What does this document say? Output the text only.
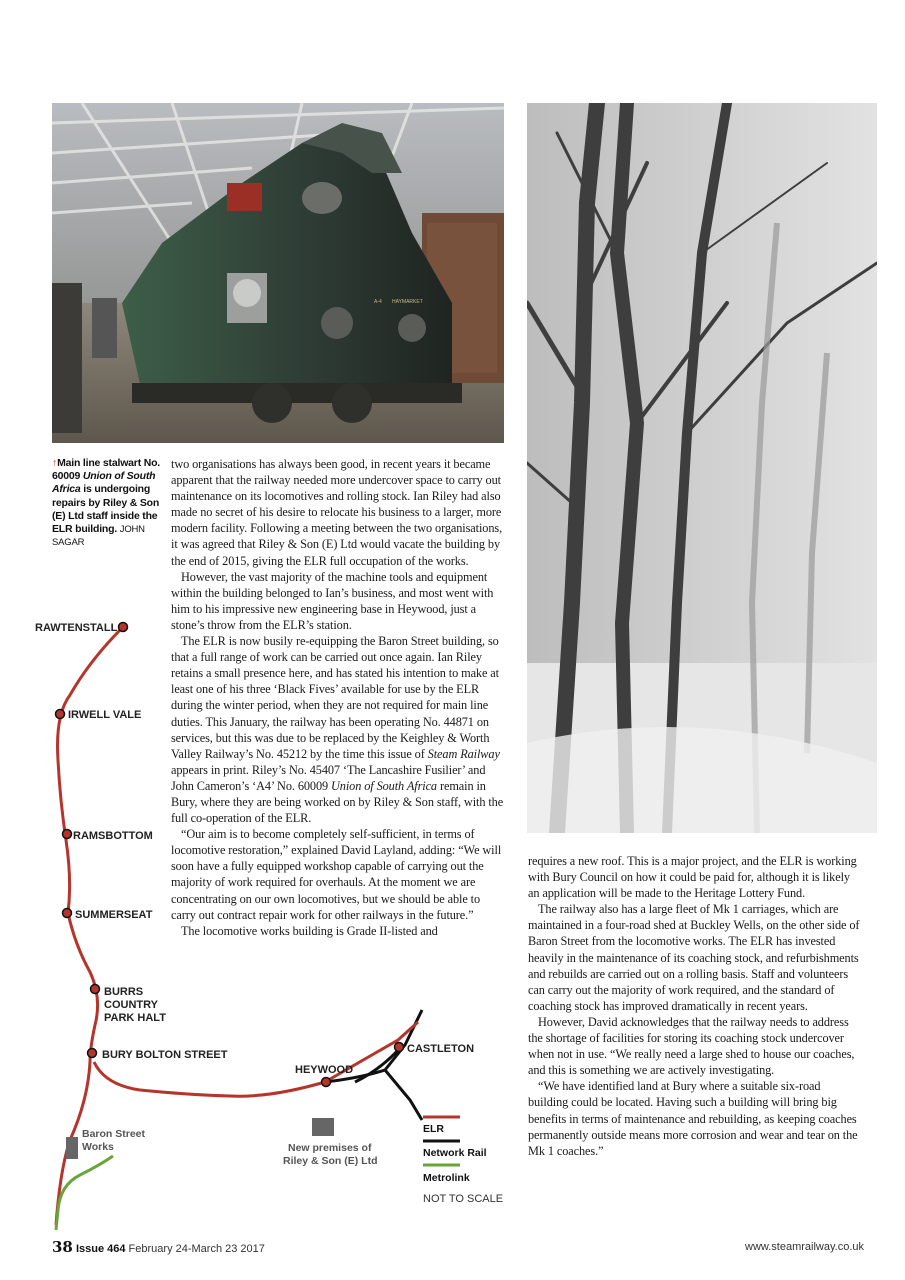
A-4 HAYMARKET
↑Main line stalwart No. 60009 Union of South Africa is undergoing repairs by Riley & Son (E) Ltd staff inside the ELR building. JOHN SAGAR

two organisations has always been good, in recent years it became apparent that the railway needed more undercover space to carry out maintenance on its locomotives and rolling stock. Ian Riley had also made no secret of his desire to relocate his business to a larger, more modern facility. Following a meeting between the two organisations, it was agreed that Riley & Son (E) Ltd would vacate the building by the end of 2015, giving the ELR full occupation of the works.

However, the vast majority of the machine tools and equipment within the building belonged to Ian’s business, and most went with him to his impressive new engineering base in Heywood, just a stone’s throw from the ELR’s station.

The ELR is now busily re-equipping the Baron Street building, so that a full range of work can be carried out once again. Ian Riley retains a small presence here, and has stated his intention to make at least one of his three ‘Black Fives’ available for use by the ELR during the winter period, when they are not required for main line duties. This January, the railway has been operating No. 44871 on services, but this was due to be replaced by the Keighley & Worth Valley Railway’s No. 45212 by the time this issue of Steam Railway appears in print. Riley’s No. 45407 ‘The Lancashire Fusilier’ and John Cameron’s ‘A4’ No. 60009 Union of South Africa remain in Bury, where they are being worked on by Riley & Son staff, with the full co-operation of the ELR.

“Our aim is to become completely self-sufficient, in terms of locomotive restoration,” explained David Layland, adding: “We will soon have a fully equipped workshop capable of carrying out the majority of work required for overhauls. At the moment we are concentrating on our own locomotives, but we should be able to carry out contract repair work for other railways in the future.”

The locomotive works building is Grade II-listed and

requires a new roof. This is a major project, and the ELR is working with Bury Council on how it could be paid for, although it is likely an application will be made to the Heritage Lottery Fund.

The railway also has a large fleet of Mk 1 carriages, which are maintained in a four-road shed at Buckley Wells, on the other side of Baron Street from the locomotive works. The ELR has invested heavily in the maintenance of its coaching stock, and refurbishments and rebuilds are carried out on a rolling basis. Staff and volunteers can carry out the majority of work required, and the standard of coaching stock has improved dramatically in recent years.

However, David acknowledges that the railway needs to address the shortage of facilities for storing its coaching stock undercover when not in use. “We really need a large shed to house our coaches, and this is something we are actively investigating.

“We have identified land at Bury where a suitable six-road building could be located. Having such a building will bring big benefits in terms of maintenance and rebuilding, as keeping coaches permanently outside means more corrosion and wear and tear on the Mk 1 coaches.”

RAWTENSTALL
IRWELL VALE
RAMSBOTTOM
SUMMERSEAT
BURRS
COUNTRY
PARK HALT
BURY BOLTON STREET
HEYWOOD
CASTLETON
Baron Street
Works	New premises of
Riley & Son (E) Ltd
ELR
Network Rail
Metrolink
NOT TO SCALE
38 Issue 464 February 24-March 23 2017	www.steamrailway.co.uk
